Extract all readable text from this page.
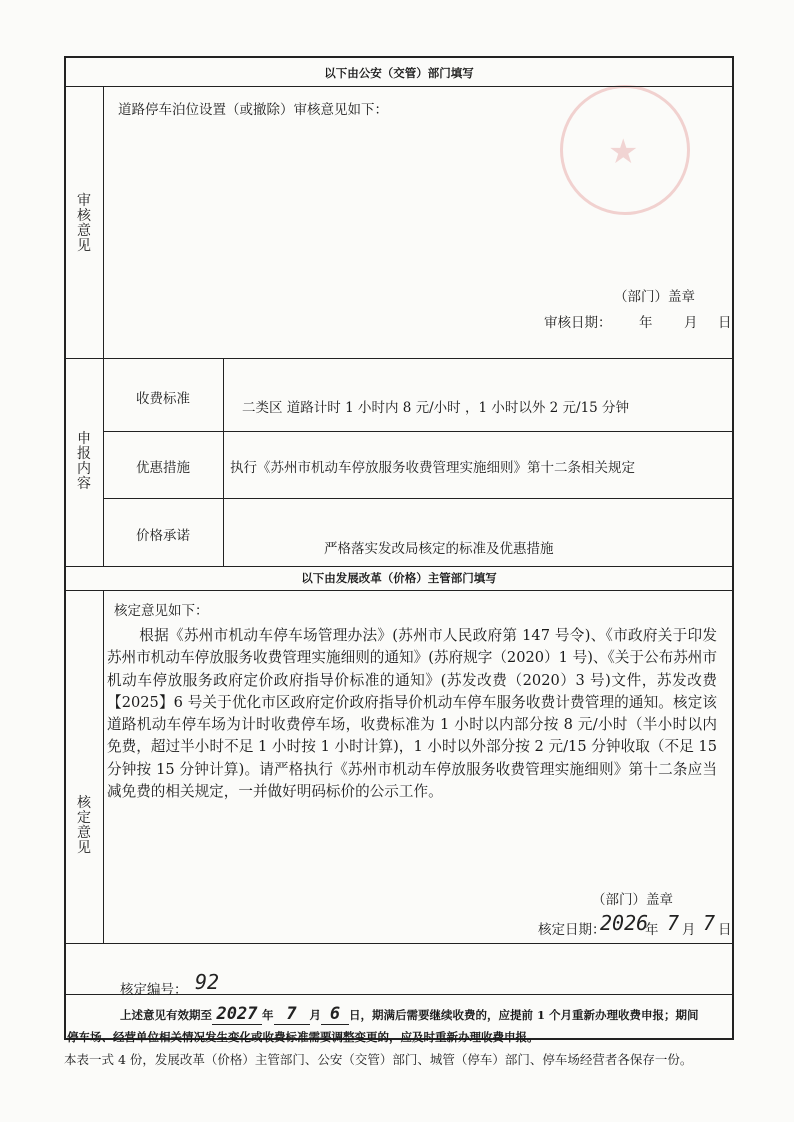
★
以下由公安（交管）部门填写
道路停车泊位设置（或撤除）审核意见如下：
审核意见
（部门）盖章
审核日期： 年 月 日
申报内容
收费标准
二类区 道路计时 1 小时内 8 元/小时 ，1 小时以外 2 元/15 分钟
优惠措施	执行《苏州市机动车停放服务收费管理实施细则》第十二条相关规定
价格承诺
严格落实发改局核定的标准及优惠措施
以下由发展改革（价格）主管部门填写
核定意见如下：
核定意见
根据《苏州市机动车停车场管理办法》(苏州市人民政府第 147 号令)、《市政府关于印发苏州市机动车停放服务收费管理实施细则的通知》(苏府规字（2020）1 号)、《关于公布苏州市机动车停放服务政府定价政府指导价标准的通知》(苏发改费（2020）3 号)文件，苏发改费【2025】6 号关于优化市区政府定价政府指导价机动车停车服务收费计费管理的通知。核定该道路机动车停车场为计时收费停车场，收费标准为 1 小时以内部分按 8 元/小时（半小时以内免费，超过半小时不足 1 小时按 1 小时计算)，1 小时以外部分按 2 元/15 分钟收取（不足 15 分钟按 15 分钟计算)。请严格执行《苏州市机动车停放服务收费管理实施细则》第十二条应当减免费的相关规定，一并做好明码标价的公示工作。
（部门）盖章
核定日期：
2026
年 7 月 7 日
核定编号： 92
上述意见有效期至 2027 年 7 月 6 日，期满后需要继续收费的，应提前 1 个月重新办理收费申报；期间
停车场、经营单位相关情况发生变化或收费标准需要调整变更的，应及时重新办理收费申报。
本表一式 4 份，发展改革（价格）主管部门、公安（交管）部门、城管（停车）部门、停车场经营者各保存一份。
